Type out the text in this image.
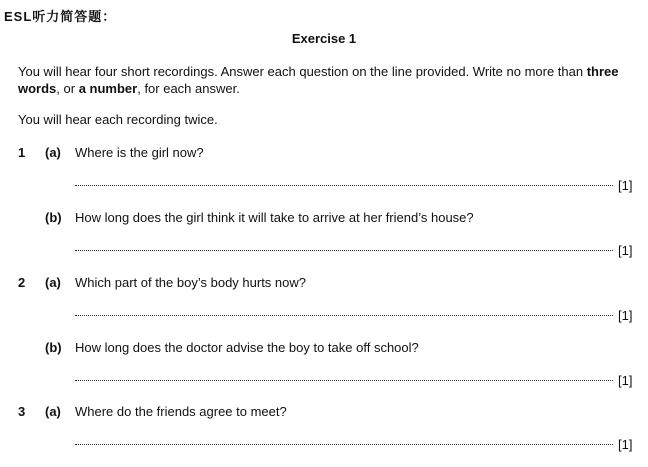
ESL听力简答题：
Exercise 1
You will hear four short recordings. Answer each question on the line provided. Write no more than three words, or a number, for each answer.
You will hear each recording twice.
1 (a) Where is the girl now?
[1]
(b) How long does the girl think it will take to arrive at her friend’s house?
[1]
2 (a) Which part of the boy’s body hurts now?
[1]
(b) How long does the doctor advise the boy to take off school?
[1]
3 (a) Where do the friends agree to meet?
[1]
